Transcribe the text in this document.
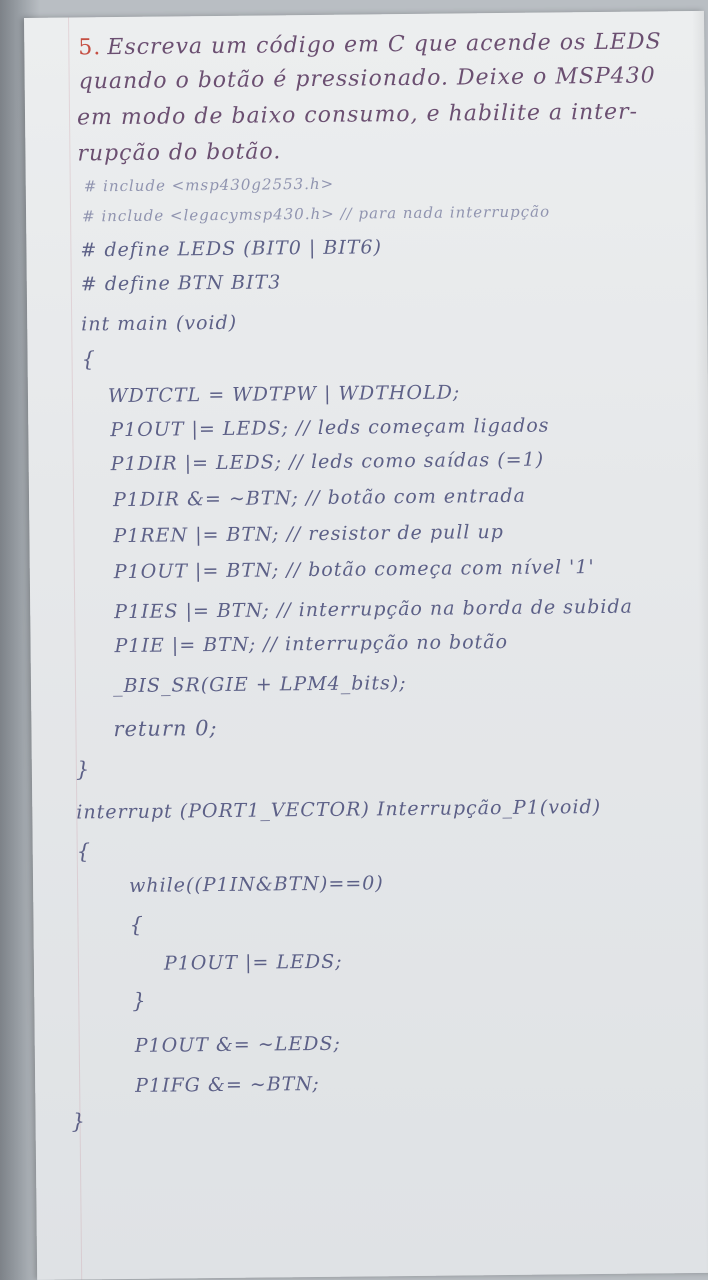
5. Escreva um código em C que acende os LEDS
quando o botão é pressionado. Deixe o MSP430
em modo de baixo consumo, e habilite a inter-
rupção do botão.
# include <msp430g2553.h>
# include <legacymsp430.h> // para nada interrupção
# define LEDS (BIT0 | BIT6)
# define BTN BIT3
int main (void)
{
WDTCTL = WDTPW | WDTHOLD;
P1OUT |= LEDS; // leds começam ligados
P1DIR |= LEDS; // leds como saídas (=1)
P1DIR &= ~BTN; // botão com entrada
P1REN |= BTN; // resistor de pull up
P1OUT |= BTN; // botão começa com nível '1'
P1IES |= BTN; // interrupção na borda de subida
P1IE |= BTN; // interrupção no botão
_BIS_SR(GIE + LPM4_bits);
return 0;
}
interrupt (PORT1_VECTOR) Interrupção_P1(void)
{
while((P1IN&BTN)==0)
{
P1OUT |= LEDS;
}
P1OUT &= ~LEDS;
P1IFG &= ~BTN;
}
